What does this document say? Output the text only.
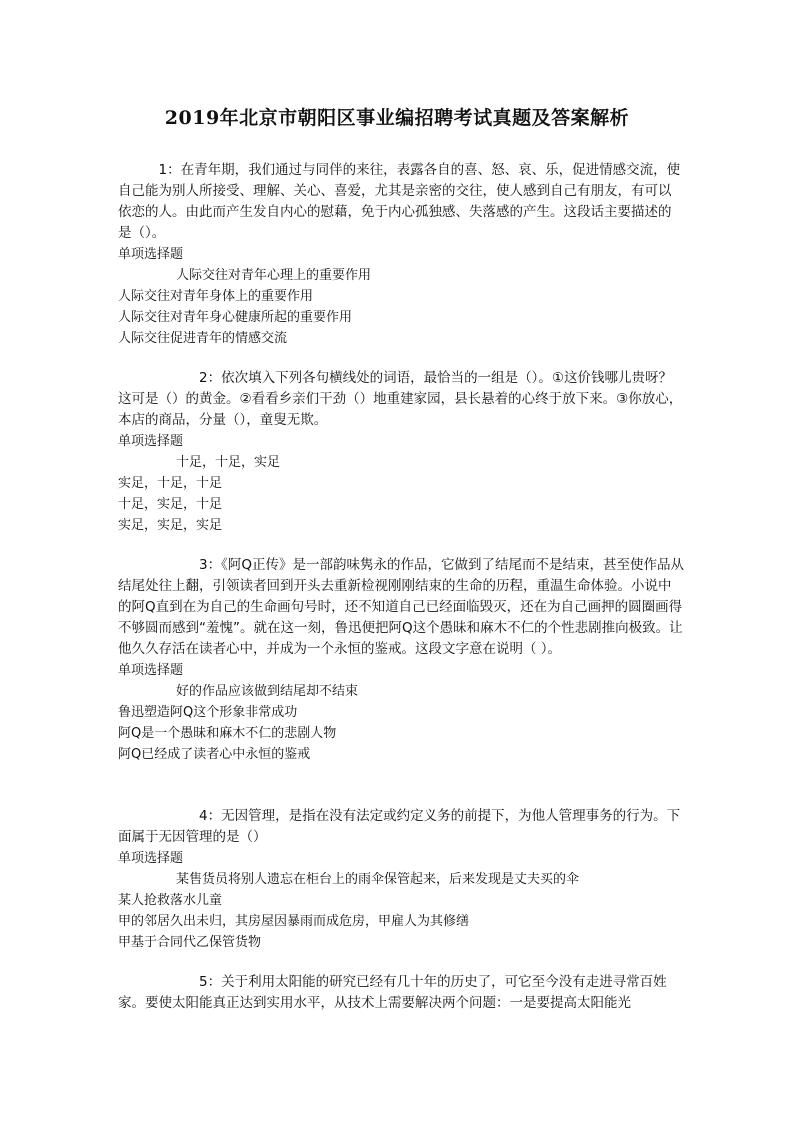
2019年北京市朝阳区事业编招聘考试真题及答案解析

　　　1：在青年期，我们通过与同伴的来往，表露各自的喜、怒、哀、乐，促进情感交流，使自己能为别人所接受、理解、关心、喜爱，尤其是亲密的交往，使人感到自己有朋友，有可以依恋的人。由此而产生发自内心的慰藉，免于内心孤独感、失落感的产生。这段话主要描述的是（）。

单项选择题

人际交往对青年心理上的重要作用

人际交往对青年身体上的重要作用

人际交往对青年身心健康所起的重要作用

人际交往促进青年的情感交流

　　　　　　2：依次填入下列各句横线处的词语，最恰当的一组是（）。①这价钱哪儿贵呀？这可是（）的黄金。②看看乡亲们干劲（）地重建家园，县长悬着的心终于放下来。③你放心，本店的商品，分量（），童叟无欺。

单项选择题

十足，十足，实足

实足，十足，十足

十足，实足，十足

实足，实足，实足

　　　　　　3：《阿Q正传》是一部韵味隽永的作品，它做到了结尾而不是结束，甚至使作品从结尾处往上翻，引领读者回到开头去重新检视刚刚结束的生命的历程，重温生命体验。小说中的阿Q直到在为自己的生命画句号时，还不知道自己已经面临毁灭，还在为自己画押的圆圈画得不够圆而感到“羞愧”。就在这一刻，鲁迅便把阿Q这个愚昧和麻木不仁的个性悲剧推向极致。让他久久存活在读者心中，并成为一个永恒的鉴戒。这段文字意在说明（ ）。

单项选择题

好的作品应该做到结尾却不结束

鲁迅塑造阿Q这个形象非常成功

阿Q是一个愚昧和麻木不仁的悲剧人物

阿Q已经成了读者心中永恒的鉴戒

　　　　　　4：无因管理，是指在没有法定或约定义务的前提下，为他人管理事务的行为。下面属于无因管理的是（）

单项选择题

某售货员将别人遗忘在柜台上的雨伞保管起来，后来发现是丈夫买的伞

某人抢救落水儿童

甲的邻居久出未归，其房屋因暴雨而成危房，甲雇人为其修缮

甲基于合同代乙保管货物

　　　　　　5：关于利用太阳能的研究已经有几十年的历史了，可它至今没有走进寻常百姓家。要使太阳能真正达到实用水平，从技术上需要解决两个问题：一是要提高太阳能光
